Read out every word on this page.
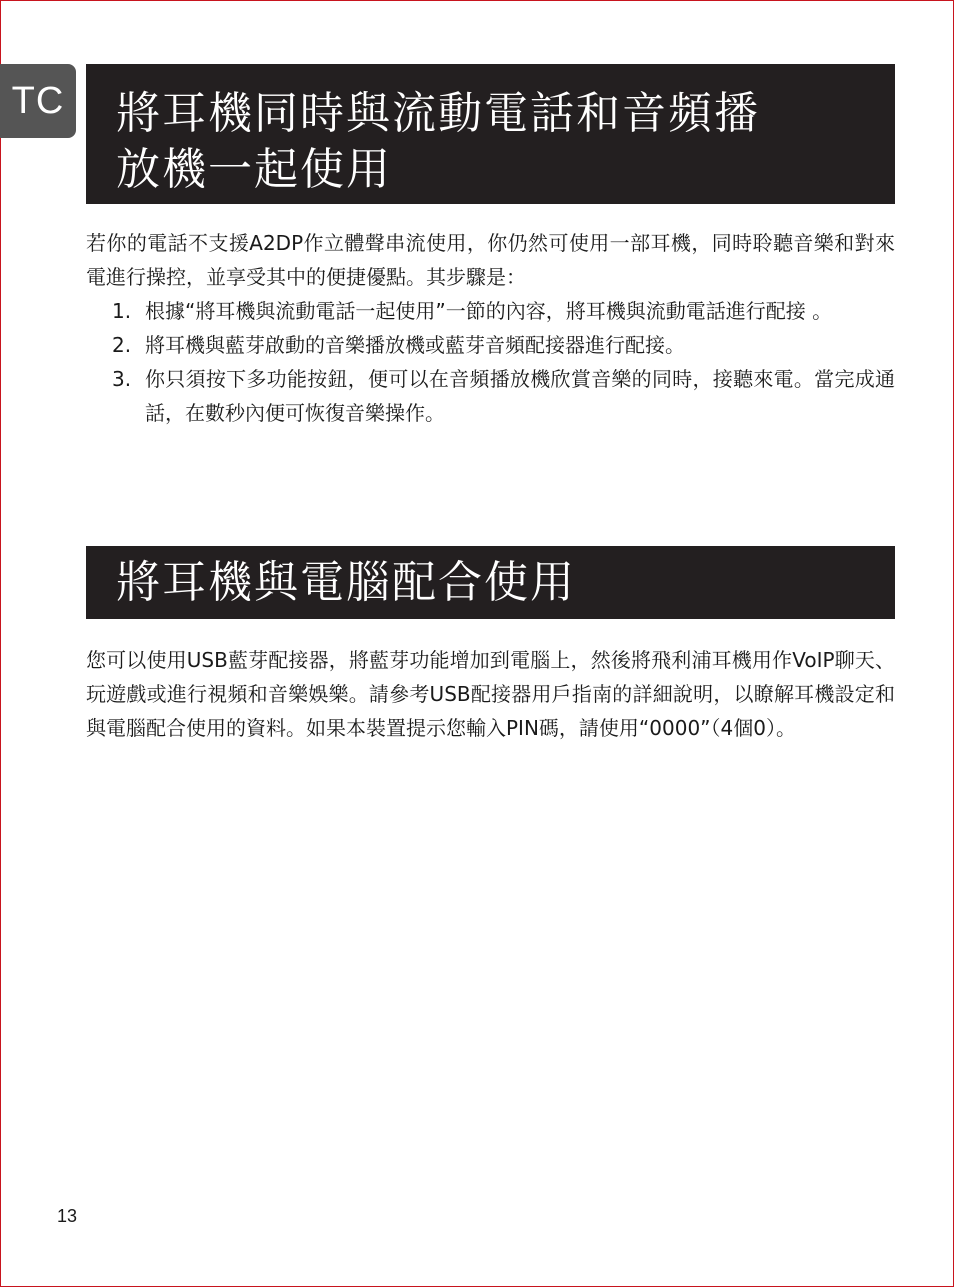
TC 將耳機同時與流動電話和音頻播
放機一起使用

若你的電話不支援A2DP作立體聲串流使用，你仍然可使用一部耳機，同時聆聽音樂和對來電進行操控，並享受其中的便捷優點。其步驟是：

1. 根據“將耳機與流動電話一起使用”一節的內容，將耳機與流動電話進行配接 。
2. 將耳機與藍芽啟動的音樂播放機或藍芽音頻配接器進行配接。
3. 你只須按下多功能按鈕，便可以在音頻播放機欣賞音樂的同時，接聽來電。當完成通話，在數秒內便可恢復音樂操作。
將耳機與電腦配合使用

您可以使用USB藍芽配接器，將藍芽功能增加到電腦上，然後將飛利浦耳機用作VoIP聊天、玩遊戲或進行視頻和音樂娛樂。請參考USB配接器用戶指南的詳細說明，以瞭解耳機設定和與電腦配合使用的資料。如果本裝置提示您輸入PIN碼，請使用“0000”（4個0）。

13
